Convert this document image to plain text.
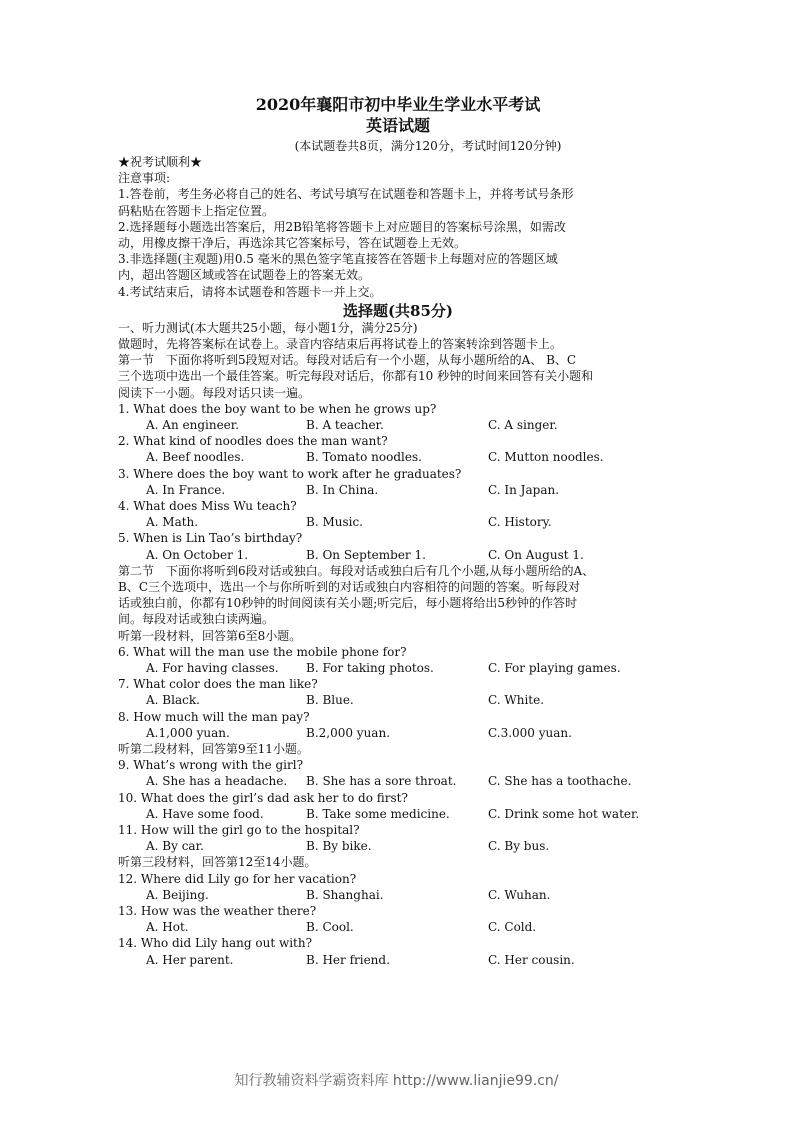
2020年襄阳市初中毕业生学业水平考试
英语试题
(本试题卷共8页，满分120分，考试时间120分钟)
★祝考试顺利★
注意事项:
1.答卷前，考生务必将自己的姓名、考试号填写在试题卷和答题卡上，并将考试号条形
码粘贴在答题卡上指定位置。
2.选择题每小题选出答案后，用2B铅笔将答题卡上对应题目的答案标号涂黑，如需改
动，用橡皮擦干净后，再选涂其它答案标号，答在试题卷上无效。
3.非选择题(主观题)用0.5 毫米的黑色签字笔直接答在答题卡上每题对应的答题区域
内，超出答题区域或答在试题卷上的答案无效。
4.考试结束后，请将本试题卷和答题卡一并上交。
选择题(共85分)
一、听力测试(本大题共25小题，每小题1分，满分25分)
做题时，先将答案标在试卷上。录音内容结束后再将试卷上的答案转涂到答题卡上。
第一节　下面你将听到5段短对话。每段对话后有一个小题，从每小题所给的A、 B、C
三个选项中选出一个最佳答案。听完每段对话后，你都有10 秒钟的时间来回答有关小题和
阅读下一小题。每段对话只读一遍。
1. What does the boy want to be when he grows up?
A. An engineer.	B. A teacher.	C. A singer.
2. What kind of noodles does the man want?
A. Beef noodles.	B. Tomato noodles.	C. Mutton noodles.
3. Where does the boy want to work after he graduates?
A. In France.	B. In China.	C. In Japan.
4. What does Miss Wu teach?
A. Math.	B. Music.	C. History.
5. When is Lin Tao’s birthday?
A. On October 1.	B. On September 1.	C. On August 1.
第二节　下面你将听到6段对话或独白。每段对话或独白后有几个小题,从每小题所给的A、
B、C三个选项中，选出一个与你所听到的对话或独白内容相符的问题的答案。听每段对
话或独白前，你都有10秒钟的时间阅读有关小题;听完后，每小题将给出5秒钟的作答时
间。每段对话或独白读两遍。
听第一段材料，回答第6至8小题。
6. What will the man use the mobile phone for?
A. For having classes. B. For taking photos.	C. For playing games.
7. What color does the man like?
A. Black.	B. Blue.	C. White.
8. How much will the man pay?
A.1,000 yuan.	B.2,000 yuan.	C.3.000 yuan.
听第二段材料，回答第9至11小题。
9. What’s wrong with the girl?
A. She has a headache. B. She has a sore throat.	C. She has a toothache.
10. What does the girl’s dad ask her to do first?
A. Have some food.	B. Take some medicine.	C. Drink some hot water.
11. How will the girl go to the hospital?
A. By car.	B. By bike.	C. By bus.
听第三段材料，回答第12至14小题。
12. Where did Lily go for her vacation?
A. Beijing.	B. Shanghai.	C. Wuhan.
13. How was the weather there?
A. Hot.	B. Cool.	C. Cold.
14. Who did Lily hang out with?
A. Her parent.	B. Her friend.	C. Her cousin.
知行教辅资料学霸资料库 http://www.lianjie99.cn/
